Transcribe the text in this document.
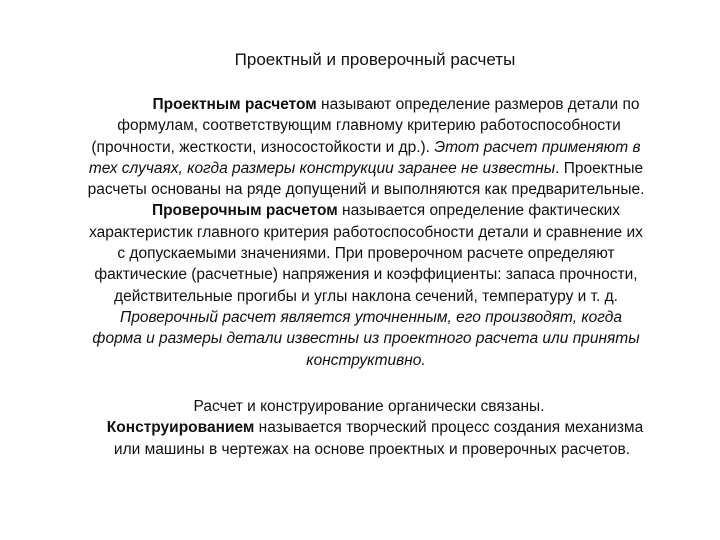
Проектный и проверочный расчеты
Проектным расчетом называют определение размеров детали по
формулам, соответствующим главному критерию работоспособности
(прочности, жесткости, износостойкости и др.). Этот расчет применяют в
тех случаях, когда размеры конструкции заранее не известны. Проектные
расчеты основаны на ряде допущений и выполняются как предварительные.
Проверочным расчетом называется определение фактических
характеристик главного критерия работоспособности детали и сравнение их
с допускаемыми значениями. При проверочном расчете определяют
фактические (расчетные) напряжения и коэффициенты: запаса прочности,
действительные прогибы и углы наклона сечений, температуру и т. д.
Проверочный расчет является уточненным, его производят, когда
форма и размеры детали известны из проектного расчета или приняты
конструктивно.
Расчет и конструирование органически связаны.
Конструированием называется творческий процесс создания механизма
или машины в чертежах на основе проектных и проверочных расчетов.
